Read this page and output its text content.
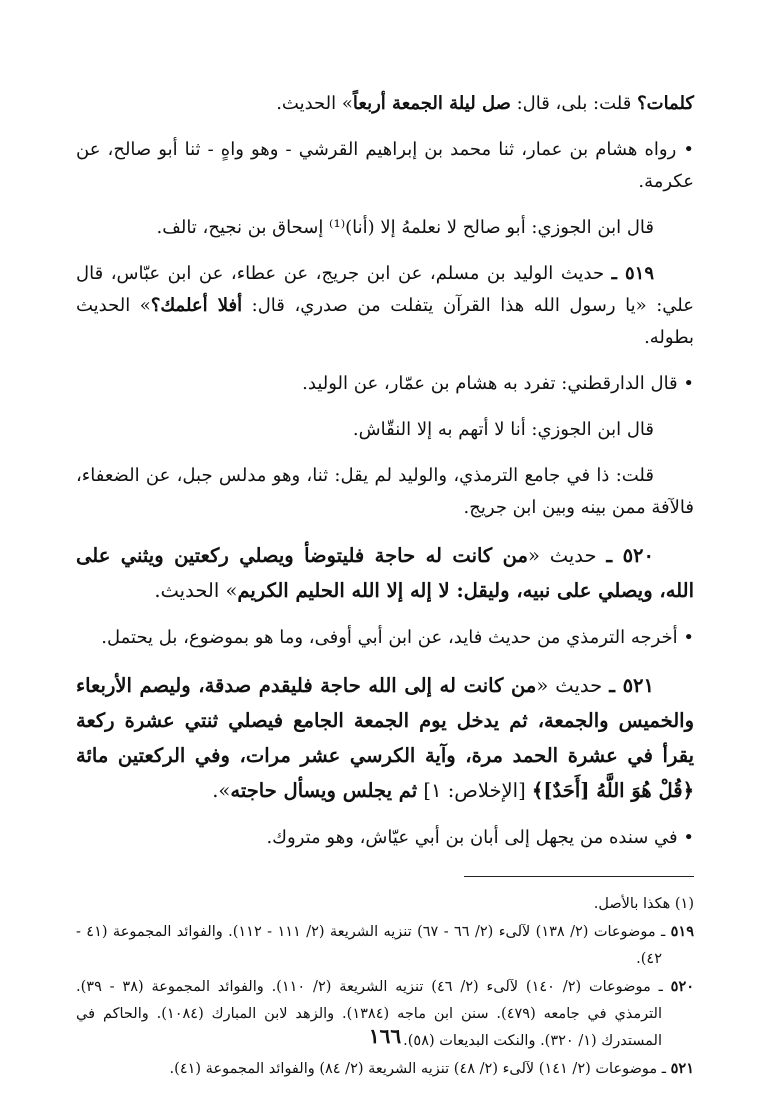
كلمات؟ قلت: بلى، قال: صل ليلة الجمعة أربعاً» الحديث.

• رواه هشام بن عمار، ثنا محمد بن إبراهيم القرشي - وهو واهٍ - ثنا أبو صالح، عن عكرمة.

قال ابن الجوزي: أبو صالح لا نعلمهُ إلا (أنا)⁽¹⁾ إسحاق بن نجيح، تالف.

٥١٩ ـ حديث الوليد بن مسلم، عن ابن جريج، عن عطاء، عن ابن عبّاس، قال علي: «يا رسول الله هذا القرآن يتفلت من صدري، قال: أفلا أعلمك؟» الحديث بطوله.

• قال الدارقطني: تفرد به هشام بن عمّار، عن الوليد.

قال ابن الجوزي: أنا لا أتهم به إلا النقّاش.

قلت: ذا في جامع الترمذي، والوليد لم يقل: ثنا، وهو مدلس جبل، عن الضعفاء، فالآفة ممن بينه وبين ابن جريج.

٥٢٠ ـ حديث «من كانت له حاجة فليتوضأ ويصلي ركعتين ويثني على الله، ويصلي على نبيه، وليقل: لا إله إلا الله الحليم الكريم» الحديث.

• أخرجه الترمذي من حديث فايد، عن ابن أبي أوفى، وما هو بموضوع، بل يحتمل.

٥٢١ ـ حديث «من كانت له إلى الله حاجة فليقدم صدقة، وليصم الأربعاء والخميس والجمعة، ثم يدخل يوم الجمعة الجامع فيصلي ثنتي عشرة ركعة يقرأ في عشرة الحمد مرة، وآية الكرسي عشر مرات، وفي الركعتين مائة ﴿قُلْ هُوَ اللَّهُ [أَحَدٌ]﴾ [الإخلاص: ١] ثم يجلس ويسأل حاجته».

• في سنده من يجهل إلى أبان بن أبي عيّاش، وهو متروك.

(١) هكذا بالأصل.

٥١٩ ـ موضوعات (٢/ ١٣٨) لآلىء (٢/ ٦٦ - ٦٧) تنزيه الشريعة (٢/ ١١١ - ١١٢). والفوائد المجموعة (٤١ - ٤٢).

٥٢٠ ـ موضوعات (٢/ ١٤٠) لآلىء (٢/ ٤٦) تنزيه الشريعة (٢/ ١١٠). والفوائد المجموعة (٣٨ - ٣٩). الترمذي في جامعه (٤٧٩). سنن ابن ماجه (١٣٨٤). والزهد لابن المبارك (١٠٨٤). والحاكم في المستدرك (١/ ٣٢٠). والنكت البديعات (٥٨).

٥٢١ ـ موضوعات (٢/ ١٤١) لآلىء (٢/ ٤٨) تنزيه الشريعة (٢/ ٨٤) والفوائد المجموعة (٤١).

١٦٦
